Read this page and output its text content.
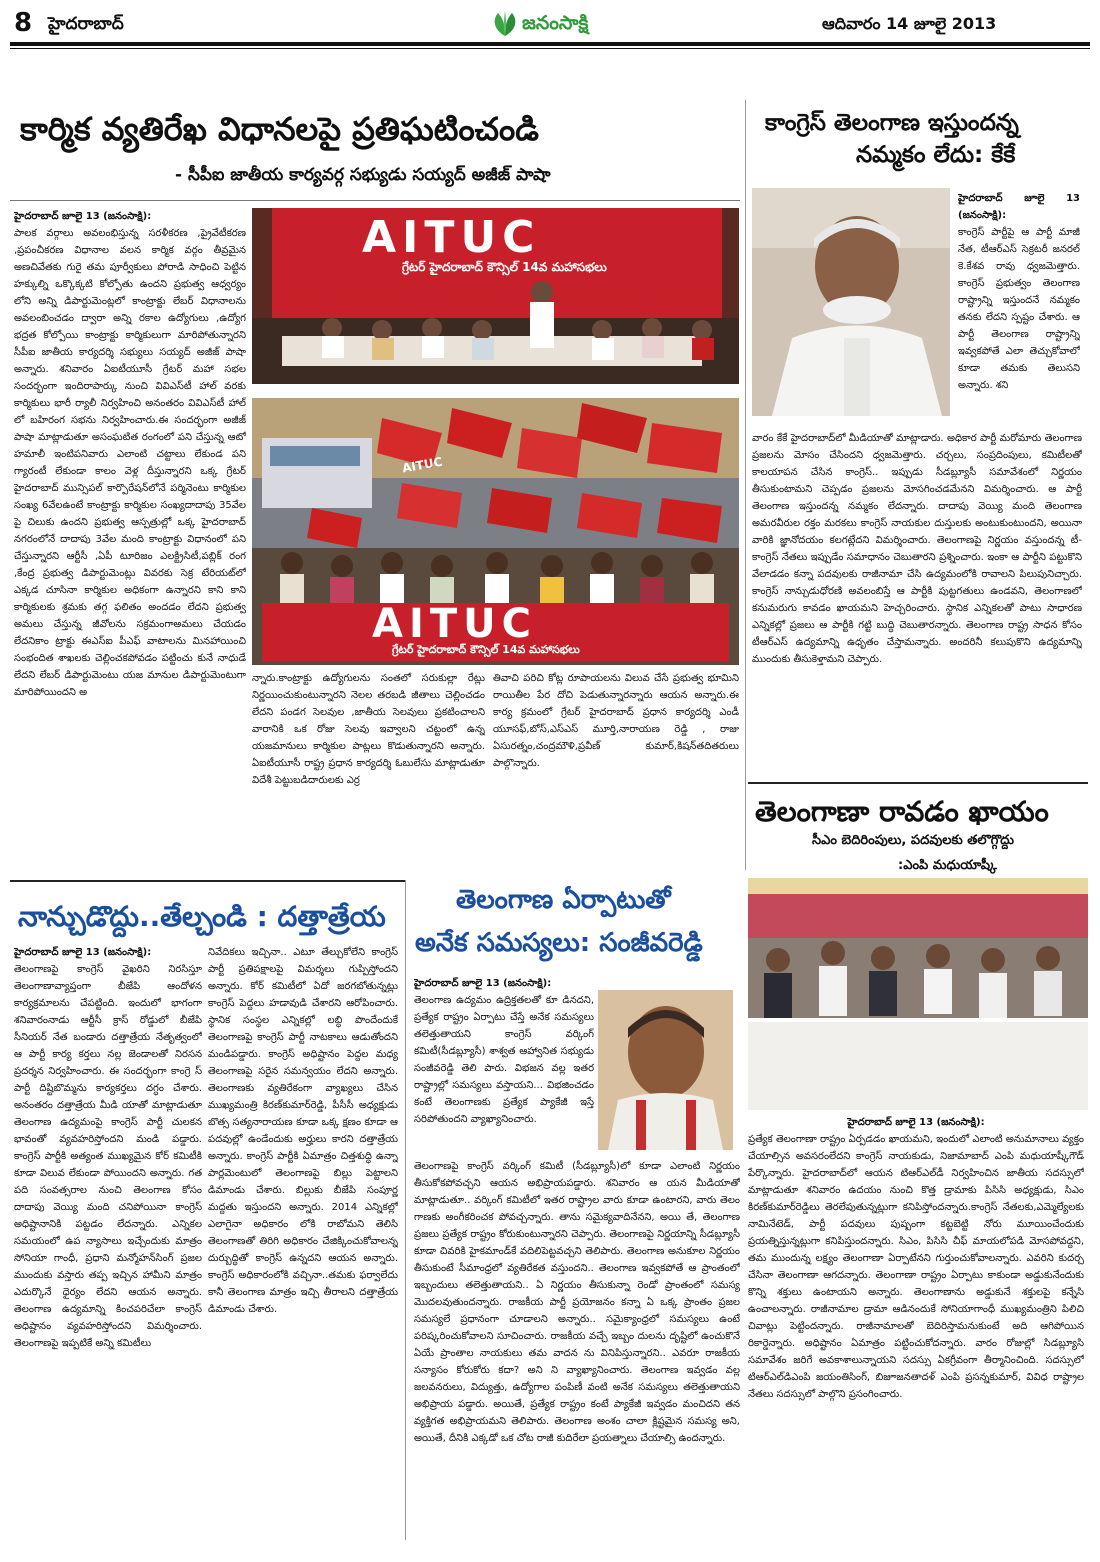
8 హైదరాబాద్	జనంసాక్షి	ఆదివారం 14 జూలై 2013
కార్మిక వ్యతిరేఖ విధానలపై ప్రతిఘటించండి
- సీపీఐ జాతీయ కార్యవర్గ సభ్యుడు సయ్యద్‌ అజీజ్‌ పాషా
హైదరాబాద్‌ జూలై 13 (జనంసాక్షి):
పాలక వర్గాలు అవలంభిస్తున్న సరళీకరణ ,ప్రైవేటీకరణ ,ప్రపంచీకరణ విధానాల వలన కార్మిక వర్గం తీవ్రమైన అణచివేతకు గురై తమ పూర్వీకులు పోరాడి సాధించి పెట్టిన హక్కుల్ని ఒక్కొక్కటి కోల్పోతు ఉందని ప్రభుత్వ ఆధ్వర్యం లోని అన్ని డిపార్టుమెంట్లలో కాంట్రాక్టు లేబర్‌ విధానాలను అవలంబించడం ద్వారా అన్ని రకాల ఉద్యోగులు ,ఉద్యోగ భద్రత కోల్పోయి కాంట్రాక్టు కార్మికులుగా మారిపోతున్నారని సీపీఐ జాతీయ కార్యదర్శి సభ్యులు సయ్యద్‌ అజీజ్‌ పాషా అన్నారు. శనివారం ఏఐటీయూసీ గ్రేటర్‌ మహా సభల సందర్భంగా ఇందిరాపార్కు నుంచి వివిఎస్‌టీ హాల్‌ వరకు కార్మికులు భారీ ర్యాలీ నిర్వహించి అనంతరం వివిఎస్‌టీ హాల్‌ లో బహిరంగ సభను నిర్వహించారు.ఈ సందర్భంగా అజీజ్‌ పాషా మాట్లాడుతూ అసంఘటిత రంగంలో పని చేస్తున్న ఆటో హమాలీ ఇంటిపనివారు ఎలాంటి చట్టాలు లేకుండ పని గ్యారంటీ లేకుండా కాలం వెళ్ల దీస్తున్నారని ఒక్క గ్రేటర్‌ హైదరాబాద్‌ మున్సిపల్‌ కార్పొరేషన్‌లోనే పర్మినెంటు కార్మికుల సంఖ్య 6వేలఉంటే కాంట్రాక్టు కార్మికుల సంఖ్యదాదాపు 35వేల పై చిలుకు ఉందని ప్రభుత్వ ఆస్పత్రుల్లో ఒక్క హైదరాబాద్‌ నగరంలోనే దాదాపు 3వేల మంది కాంట్రాక్టు విధానంలో పని చేస్తున్నారని ఆర్టీసీ ,ఏపీ టూరిజం ఎలక్ట్రిసిటీ,పబ్లిక్‌ రంగ ,కేంద్ర ప్రభుత్వ డిపార్టుమెంట్లు వివరకు సెక్ర టేరియట్‌లో ఎక్కడ చూసినా కార్మికుల అధికంగా ఉన్నారని కాని కాని కార్మికులకు శ్రమకు తగ్గ ఫలితం అందడం లేదని ప్రభుత్వ అమలు చేస్తున్న జీవోలను సక్రమంగాఅమలు చేయడం లేదనికాం ట్రాక్టు ఈఎస్ఐ పీఎఫ్‌ వాటాలను మినహాయించి సంభందిత శాఖలకు చెల్లించకపోవడం పట్టించు కునే నాధుడే లేదని లేబర్‌ డిపార్టుమెంటు యజ మానుల డిపార్టుమెంటుగా మారిపోయిందని అ
AITUC
గ్రేటర్ హైదరాబాద్ కౌన్సిల్ 14వ మహాసభలు
AITUC
AITUC
గ్రేటర్ హైదరాబాద్ కౌన్సిల్ 14వ మహాసభలు
న్నారు.కాంట్రాక్టు ఉద్యోగులను సంతలో సరుకుల్లా రేట్లు నిర్ణయించుకుంటున్నారని నెలల తరబడి జీతాలు చెల్లించడం లేదని పండగ సెలవుల ,జాతీయ సెలవులు ప్రకటించాలని వారానికి ఒక రోజు సెలవు ఇవ్వాలని చట్టంలో ఉన్న యజమానులు కార్మికుల పాట్లలు కొడుతున్నారని అన్నారు. ఏఐటీయూసీ రాష్ట్ర ప్రధాన కార్యదర్శి ఓబులేసు మాట్లాడుతూ విదేశీ పెట్టుబడిదారులకు ఎర్ర
తివాచి పరిచి కోట్ల రూపాయలను విలువ చేసే ప్రభుత్వ భూమిని రాయితీల పేర దోచి పెడుతున్నారన్నారు ఆయన అన్నారు.ఈ కార్య క్రమంలో గ్రేటర్‌ హైదరాబాద్‌ ప్రధాన కార్యదర్శి ఎండీ యూసఫ్‌,బోస్‌,ఎస్‌ఎస్‌ మూర్తి,నారాయణ రెడ్డి , రాజు ఏసురత్నం,చంద్రమౌళి,ప్రవీణ్‌ కుమార్‌,కిషన్‌తదితరులు పాల్గొన్నారు.
కాంగ్రెస్‌ తెలంగాణ ఇస్తుందన్న
నమ్మకం లేదు: కేకే
హైదరాబాద్‌ జూలై 13 (జనంసాక్షి):
కాంగ్రెస్‌ పార్టీపై ఆ పార్టీ మాజీ నేత, టీఆర్ఎస్‌ సెక్రటరీ జనరల్‌ కె.కేశవ రావు ధ్వజమెత్తారు. కాంగ్రెస్‌ ప్రభుత్వం తెలంగాణ రాష్ట్రాన్ని ఇస్తుందనే నమ్మకం తనకు లేదని స్పష్టం చేశారు. ఆ పార్టీ తెలంగాణ రాష్ట్రాన్ని ఇవ్వకపోతే ఎలా తెచ్చుకోవాలో కూడా తమకు తెలుసని అన్నారు. శని
వారం కేకే హైదరాబాద్‌లో మీడియాతో మాట్లాడారు. అధికార పార్టీ మరోమారు తెలంగాణ ప్రజలను మోసం చేసిందని ధ్వజమెత్తారు. చర్చలు, సంప్రదింపులు, కమిటీలతో కాలయాపన చేసిన కాంగ్రెస్‌.. ఇప్పుడు సీడబ్ల్యూసీ సమావేశంలో నిర్ణయం తీసుకుంటామని చెప్పడం ప్రజలను మోసగించడమేనని విమర్శించారు. ఆ పార్టీ తెలంగాణ ఇస్తుందన్న నమ్మకం లేదన్నారు. దాదాపు వెయ్యి మంది తెలంగాణ అమరవీరుల రక్తం మరకలు కాంగ్రెస్‌ నాయకుల దుస్తులకు అంటుకుంటుందని, అయినా వారికి జ్ఞానోదయం కలగట్లేదని విమర్శించారు. తెలంగాణపై నిర్ణయం వస్తుందన్న టీ-కాంగ్రెస్‌ నేతలు ఇప్పుడేం సమాధానం చెబుతారని ప్రశ్నించారు. ఇంకా ఆ పార్టీని పట్టుకొని వేలాడడం కన్నా పదవులకు రాజీనామా చేసి ఉద్యమంలోకి రావాలని పిలుపునిచ్చారు. కాంగ్రెస్‌ నాన్చుడుధోరణి అవలంబిస్తే ఆ పార్టీకి పుట్టగతులు ఉండవని, తెలంగాణలో కనుమరుగు కావడం ఖాయమని హెచ్చరించారు. స్థానిక ఎన్నికలతో పాటు సాధారణ ఎన్నికల్లో ప్రజలు ఆ పార్టీకి గట్టి బుద్ధి చెబుతారన్నారు. తెలంగాణ రాష్ట్ర సాధన కోసం టీఆర్ఎస్‌ ఉద్యమాన్ని ఉధృతం చేస్తామన్నారు. అందరినీ కలుపుకొని ఉద్యమాన్ని ముందుకు తీసుకెళ్తామని చెప్పారు.
తెలంగాణా రావడం ఖాయం
సీఎం బెదిరింపులు, పదవులకు తలొగ్గొద్దు
:ఎంపి మధుయాష్కీ
హైదరాబాద్‌ జూలై 13 (జనంసాక్షి):
ప్రత్యేక తెలంగాణా రాష్ట్రం ఏర్పడడం ఖాయమని, ఇందులో ఎలాంటి అనుమానాలు వ్యక్తం చేయాల్సిన అవసరంలేదని కాంగ్రెస్‌ నాయకుడు, నిజామాబాద్‌ ఎంపి మధుయాష్కీగౌడ్‌ పేర్కొన్నారు. హైదరాబాద్‌లో ఆయన టిఆర్‌ఎల్‌డీ నిర్వహించిన జాతీయ సదస్సులో మాట్లాడుతూ శనివారం ఉదయం నుంచి కొత్త డ్రామాకు పిసిసి అధ్యక్షుడు, సిఎం కిరణ్‌కుమార్‌రెడ్డిలు తెరలేపుతున్నట్లుగా కనిపిస్తోందన్నారు.కాంగ్రెస్‌ నేతలకు,ఎమ్మెల్యేలకు నామినేటెడ్‌, పార్టీ పదవులు పుష్పంగా కట్టబెట్టి నోరు మూయించేందుకు ప్రయత్నిస్తున్నట్లుగా కనిపిస్తుందన్నారు. సిఎం, పిసిసి చీఫ్‌ మాయలోపడి మోసపోవద్దని, తమ ముందున్న లక్ష్యం తెలంగాణా ఏర్పాటేనని గుర్తుంచుకోవాలన్నారు. ఎవరిని కుదర్చ చేసినా తెలంగాణా ఆగదన్నారు. తెలంగాణా రాష్ట్రం ఏర్పాటు కాకుండా అడ్డుకునేందుకు కొన్ని శక్తులు ఉంటాయని అన్నారు. తెలంగాణాను అడ్డుకునే శక్తులపై కన్నేసి ఉంచాలన్నారు. రాజీనామాల డ్రామా ఆడినందుకే సోనియాగాంధీ ముఖ్యమంత్రిని పిలిచి చివాట్లు పెట్టిందన్నారు. రాజీనామాలతో బెదిరిస్తామనుకుంటే అది ఆగిపోయిన రికార్డెన్నారు. అధిష్టానం ఏమాత్రం పట్టించుకోదన్నారు. వారం రోజుల్లో సిడబ్ల్యూసి సమావేశం జరిగే అవకాశాలున్నాయని సదస్సు ఏకగ్రీవంగా తీర్మానించింది. సదస్సులో టిఆర్‌ఎల్‌డిఎంపి జయంతిసింగ్‌, బిజూజనతాదళ్‌ ఎంపి ప్రసన్నకుమార్‌, వివిధ రాష్ట్రాల నేతలు సదస్సులో పాల్గొని ప్రసంగించారు.
నాన్చుడొద్దు..తేల్చండి : దత్తాత్రేయ
హైదరాబాద్‌ జూలై 13 (జనంసాక్షి):
తెలంగాణపై కాంగ్రెస్‌ వైఖరిని నిరసిస్తూ తెలంగాణావ్యాప్తంగా బీజేపి ఆందోళన కార్యక్రమాలను చేపట్టింది. ఇందులో భాగంగా శనివారంనాడు ఆర్టీసీ క్రాస్‌ రోడ్డులో బీజేపి సీనియర్‌ నేత బండారు దత్తాత్రేయ నేతృత్వంలో ఆ పార్టీ కార్య కర్తలు నల్ల జెండాలతో నిరసన ప్రదర్శన నిర్వహించారు. ఈ సందర్భంగా కాంగ్రె స్‌ పార్టీ దిష్టిబొమ్మను కార్యకర్తలు దగ్ధం చేశారు. అనంతరం దత్తాత్రేయ మీడి యాతో మాట్లాడుతూ తెలంగాణ ఉద్యమంపై కాంగ్రెస్‌ పార్టీ చులకన భావంతో వ్యవహరిస్తోందని మండి పడ్డారు. కాంగ్రెస్‌ పార్టీకి అత్యంత ముఖ్యమైన కోర్‌ కమిటీకి కూడా విలువ లేకుండా పోయిందని అన్నారు. గత పది సంవత్సరాల నుంచి తెలంగాణ కోసం దాదాపు వెయ్యి మంది చనిపోయినా కాంగ్రెస్‌ అధిష్టానానికి పట్టడం లేదన్నారు. ఎన్నికల సమయంలో ఉప న్యాసాలు ఇచ్చేందుకు మాత్రం సోనియా గాంధీ, ప్రధాని మన్మోహన్‌సింగ్‌ ప్రజల ముందుకు వస్తారు తప్ప ఇచ్చిన హామీని మాత్రం ఎదుర్కొనే ధైర్యం లేదని ఆయన అన్నారు. తెలంగాణ ఉద్యమాన్ని కించపరిచేలా కాంగ్రెస్‌ అధిష్టానం వ్యవహరిస్తోందని విమర్శించారు. తెలంగాణపై ఇప్పటికే అన్ని కమిటీలు
నివేదికలు ఇచ్చినా.. ఎటూ తేల్చుకోలేని కాంగ్రెస్‌ పార్టీ ప్రతిపక్షాలపై విమర్శలు గుప్పిస్తోందని అన్నారు. కోర్‌ కమిటీలో ఏదో జరగబోతున్నట్లు కాంగ్రెస్‌ పెద్దలు హడావుడి చేశారని ఆరోపించారు. స్థానిక సంస్థల ఎన్నికల్లో లబ్ధి పొందేందుకే తెలంగాణపై కాంగ్రెస్‌ పార్టీ నాటకాలు ఆడుతోందని మండిపడ్డారు. కాంగ్రెస్‌ అధిష్టానం పెద్దల మధ్య తెలంగాణపై సరైన సమన్వయం లేదని అన్నారు. తెలంగాణకు వ్యతిరేకంగా వ్యాఖ్యలు చేసిన ముఖ్యమంత్రి కిరణ్‌కుమార్‌రెడ్డి, పీసీసీ అధ్యక్షుడు బొత్స సత్యనారాయణ కూడా ఒక్క క్షణం కూడా ఆ పదవుల్లో ఉండేందుకు అర్హులు కారని దత్తాత్రేయ అన్నారు. కాంగ్రెస్‌ పార్టీకి ఏమాత్రం చిత్తశుద్ధి ఉన్నా పార్లమెంటులో తెలంగాణపై బిల్లు పెట్టాలని డిమాండు చేశారు. బిల్లుకు బీజేపి సంపూర్ణ మద్దతు ఇస్తుందని అన్నారు. 2014 ఎన్నికల్లో ఎలాగైనా అధికారం లోకి రాబోమని తెలిసి తెలంగాణతో తిరిగి అధికారం చేజిక్కించుకోవాలన్న దుర్బుద్ధితో కాంగ్రెస్‌ ఉన్నదని ఆయన అన్నారు. కాంగ్రెస్‌ అధికారంలోకి వచ్చినా..తమకు ఫర్వాలేదు కానీ తెలంగాణ మాత్రం ఇచ్చి తీరాలని దత్తాత్రేయ డిమాండు చేశారు.
తెలంగాణ ఏర్పాటుతో
అనేక సమస్యలు: సంజీవరెడ్డి
హైదరాబాద్‌ జూలై 13 (జనంసాక్షి):
తెలంగాణ ఉద్యమం ఉద్రిక్తతలతో కూ డినదని, ప్రత్యేక రాష్ట్రం ఏర్పాటు చేస్తే అనేక సమస్యలు తలెత్తుతాయని కాంగ్రెస్‌ వర్కింగ్‌ కమిటీ(సీడబ్ల్యూసీ) శాశ్వత ఆహ్వానిత సభ్యుడు సంజీవరెడ్డి తెలి పారు. విభజన వల్ల ఇతర రాష్ట్రాల్లో సమస్యలు వస్తాయని... విభజించడం కంటే తెలంగాణకు ప్రత్యేక ప్యాకేజీ ఇస్తే సరిపోతుందని వ్యాఖ్యానించారు.
తెలంగాణపై కాంగ్రెస్‌ వర్కింగ్‌ కమిటీ (సీడబ్ల్యూసీ)లో కూడా ఎలాంటి నిర్ణయం తీసుకోకపోవచ్చని ఆయన అభిప్రాయపడ్డారు. శనివారం ఆ యన మీడియాతో మాట్లాడుతూ.. వర్కింగ్‌ కమిటీలో ఇతర రాష్ట్రాల వారు కూడా ఉంటారని, వారు తెలం గాణకు అంగీకరించక పోవచ్చన్నారు. తాను సమైక్యవాదినేనని, అయి తే, తెలంగాణ ప్రజలు ప్రత్యేక రాష్ట్రం కోరుకుంటున్నారని చెప్పారు. తెలంగాణపై నిర్ణయాన్ని సీడబ్ల్యూసీ కూడా చివరికి హైకమాండ్‌కే వదిలిపెట్టవచ్చని తెలిపారు. తెలంగాణ అనుకూల నిర్ణయం తీసుకుంటే సీమాంధ్రలో వ్యతిరేకత వస్తుందని.. తెలంగాణ ఇవ్వకపోతే ఆ ప్రాంతంలో ఇబ్బందులు తలెత్తుతాయని.. ఏ నిర్ణయం తీసుకున్నా రెండో ప్రాంతంలో సమస్య మొదలవుతుందన్నారు. రాజకీయ పార్టీ ప్రయోజనం కన్నా ఏ ఒక్క ప్రాంతం ప్రజల సమస్యలే ప్రధానంగా చూడాలని అన్నారు.. సమైక్యాంధ్రలో సమస్యలు ఉంటే పరిష్కరించుకోవాలని సూచించారు. రాజకీయ వచ్చే ఇబ్బం దులను దృష్టిలో ఉంచుకొనే ఏయే ప్రాంతాల నాయకులు తమ వాదన ను వినిపిస్తున్నారని.. ఎవరూ రాజకీయ సన్యాసం కోరుకోరు కదా? అని ని వ్యాఖ్యానించారు. తెలంగాణ ఇవ్వడం వల్ల జలవనరులు, విద్యుత్తు, ఉద్యోగాల పంపిణీ వంటి అనేక సమస్యలు తలెత్తుతాయని అభిప్రాయ పడ్డారు. అయితే, ప్రత్యేక రాష్ట్రం కంటే ప్యాకేజీ ఇవ్వడం మంచిదని తన వ్యక్తిగత అభిప్రాయమని తెలిపారు. తెలంగాణ అంశం చాలా క్లిష్టమైన సమస్య అని, అయితే, దీనికి ఎక్కడో ఒక చోట రాజీ కుదిరేలా ప్రయత్నాలు చేయాల్సి ఉందన్నారు.
